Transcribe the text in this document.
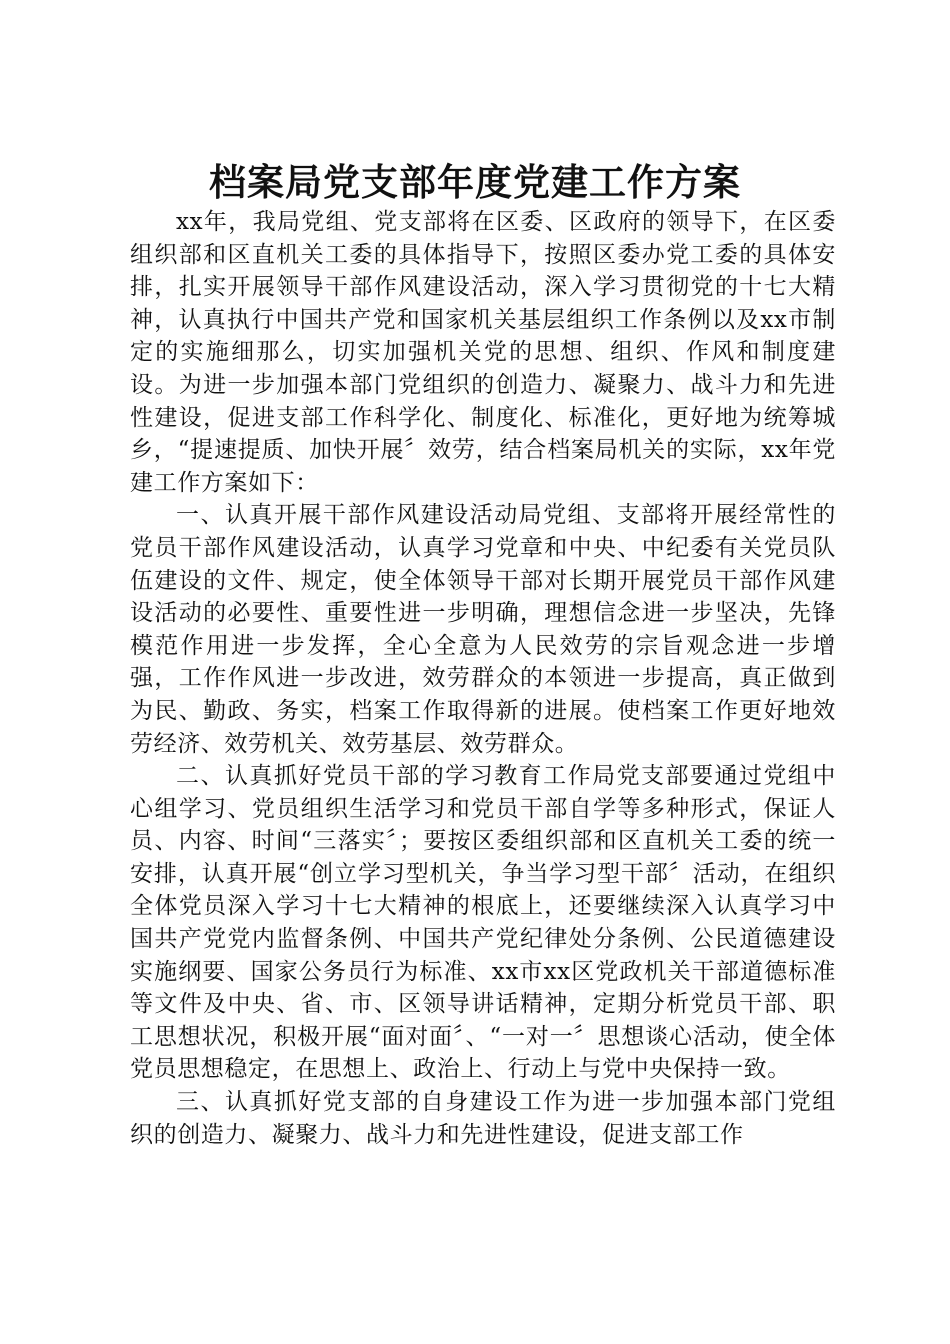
档案局党支部年度党建工作方案

xx年，我局党组、党支部将在区委、区政府的领导下，在区委组织部和区直机关工委的具体指导下，按照区委办党工委的具体安排，扎实开展领导干部作风建设活动，深入学习贯彻党的十七大精神，认真执行中国共产党和国家机关基层组织工作条例以及xx市制定的实施细那么，切实加强机关党的思想、组织、作风和制度建设。为进一步加强本部门党组织的创造力、凝聚力、战斗力和先进性建设，促进支部工作科学化、制度化、标准化，更好地为统筹城乡，“提速提质、加快开展〞效劳，结合档案局机关的实际，xx年党建工作方案如下：

一、认真开展干部作风建设活动局党组、支部将开展经常性的党员干部作风建设活动，认真学习党章和中央、中纪委有关党员队伍建设的文件、规定，使全体领导干部对长期开展党员干部作风建设活动的必要性、重要性进一步明确，理想信念进一步坚决，先锋模范作用进一步发挥，全心全意为人民效劳的宗旨观念进一步增强，工作作风进一步改进，效劳群众的本领进一步提高，真正做到为民、勤政、务实，档案工作取得新的进展。使档案工作更好地效劳经济、效劳机关、效劳基层、效劳群众。

二、认真抓好党员干部的学习教育工作局党支部要通过党组中心组学习、党员组织生活学习和党员干部自学等多种形式，保证人员、内容、时间“三落实〞；要按区委组织部和区直机关工委的统一安排，认真开展“创立学习型机关，争当学习型干部〞活动，在组织全体党员深入学习十七大精神的根底上，还要继续深入认真学习中国共产党党内监督条例、中国共产党纪律处分条例、公民道德建设实施纲要、国家公务员行为标准、xx市xx区党政机关干部道德标准等文件及中央、省、市、区领导讲话精神，定期分析党员干部、职工思想状况，积极开展“面对面〞、“一对一〞思想谈心活动，使全体党员思想稳定，在思想上、政治上、行动上与党中央保持一致。

三、认真抓好党支部的自身建设工作为进一步加强本部门党组织的创造力、凝聚力、战斗力和先进性建设，促进支部工作
